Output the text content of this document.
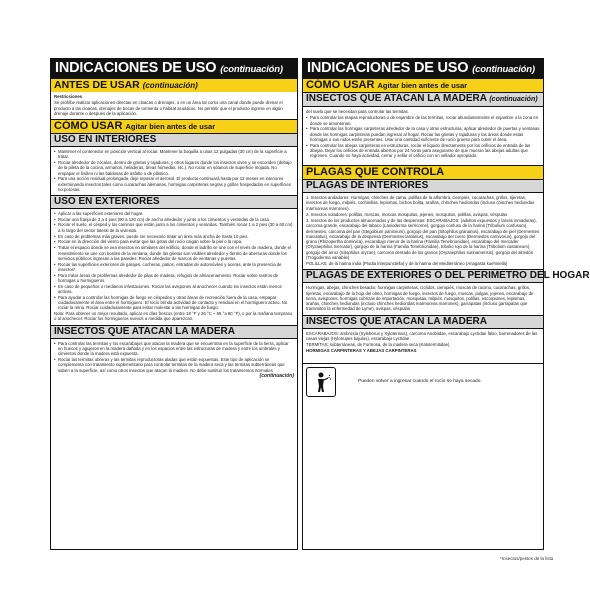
INDICACIONES DE USO (continuación)
ANTES DE USAR (continuación)

Restricciones

Se prohíbe realizar aplicaciones directas en cloacas o drenajes, o en un área tal como una canal donde puede drenar el producto a las cloacas, drenajes de bocas de tormenta o hábitat acuáticos. No permitir que el producto ingrese en algún drenaje durante o después de la aplicación.

CÓMO USAR Agitar bien antes de usar
USO EN INTERIORES
• Mantener el contenedor en posición vertical al rociar. Mantener la boquilla a unas 12 pulgadas (30 cm) de la superficie a tratar.
• Rociar alrededor de zócalos, dentro de grietas y rajaduras, y otros lugares donde los insectos viven y se esconden (debajo de la pileta de la cocina, armarios, heladeras, áreas húmedas, etc.). No rociar en sótanos de superficie mojada. No empapar el linóleo ni las baldosas de asfalto o de plástico.
• Para una acción residual prolongada, deje reposar el aerosol. El producto continuará hasta por 12 meses en interiores exterminando insectos tales como cucarachas alemanas, hormigas carpinteras negras y grillos hospedados en superficies no porosas.
USO EN EXTERIORES
• Aplicar a las superficies exteriores del hogar.
• Rociar una franja de 3 a 4 pies (90 a 120 cm) de ancho alrededor y junto a los cimientos y verandas de la casa.
• Rociar el suelo, el césped y los caminos que están junto a los cimientos y verandas. También rociar 1 a 2 pies (30 a 60 cm) a lo largo del sector lateral de la vivienda.
• En caso de problemas más graves, puede ser necesario tratar un área más ancha de hasta 10 pies.
• Rociar en la dirección del viento para evitar que las gotas del rocío caigan sobre la piel o la ropa.
• Tratar el espacio donde se vea insectos no similares del edificio, donde el ladrillo se une con el revés de madera, donde el revestimiento se une con bordes de la ventana, donde las grietas son visibles alrededor y dentro de aberturas donde los servicios públicos ingresan a las paredes. Rociar alrededor de marcos de ventanas y puertas.
• Rociar las superficies exteriores de garajes, cocheras, patios, entradas de automóviles y aceras, ante la presencia de insectos*.
• Para tratar áreas de problemas alrededor de pilas de madera, refugios de almacenamiento. Rociar sobre rastros de hormigas u hormigueros.
• En caso de pequeños o medianos infestaciones. Rociar las avispones al anochecer cuando los insectos están menos activos.
• Para ayudar a controlar las hormigas de fuego en céspedes y otras áreas de recreación fuera de la casa, empapar cuidadosamente el área entre el hormiguero. El rocío brinda actividad de contacto y residual en el hormiguero activo. No rociar la reina. Rociar cuidadosamente para evitar molestar a las hormigas de fuego.

Nota: Para obtener un mejor resultado, aplicar en días frescos (entre 18 °F y 26 °C ~ 65 °a 80 °F), o por la mañana temprano o al anochecer. Rociar los hormigueros nuevos a medida que aparezcan.

INSECTOS QUE ATACAN LA MADERA
• Para controlar las termitas y los escarabajos que atacan la madera que se encuentran en la superficie de la tierra, aplicar en huecos y agujeros en la madera dañada y en los espacios entre las estructuras de madera y entre los umbrales y cimientos donde la madera está expuesta.
• Rociar las termitas obreras y las termitas reproductoras aladas que están expuestas. Este tipo de aplicación se complementa con tratamiento suplementario para controlar termitas de la madera seca y las termitas subterráneas que saben a la superficie, así como otros insectos que atacan la madera. No debe sustituir los tratamientos normales
(continuación)
INDICACIONES DE USO (continuación)
CÓMO USAR Agitar bien antes de usar
INSECTOS QUE ATACAN LA MADERA (continuación)

del suelo que se necesitan para controlar las termitas.

• Para controlar las etapas reproductoras o de enjambre de las termitas, rociar abundantemente el enjambre o la zona en donde se amontonan.
• Para controlar las hormigas carpinteras alrededor de la casa y otras estructuras, aplicar alrededor de puertas y ventanas donde las hormigas carpinteras puedan ingresar al hogar. Rociar las grietas y rajaduras y las áreas donde estas hormigas o sus nidos estén presentes. Usar una cantidad suficiente de rocío grueso para cubrir el área.
• Para controlar las abejas carpinteras en estructuras, rociar el líquido directamente por los orificios de entrada de las abejas. Dejar los orificios de entrada abiertos por 24 horas para asegurarse de que mueran las abejas adultas que regresen. Cuando no haya actividad, cerrar y sellar el orificio con un sellador apropiado.
PLAGAS QUE CONTROLA
PLAGAS DE INTERIORES

1. Insectos andadores: Hormigas, chinches de cama, polillas de la alfombra, ciempiés, cucarachas, grillos, tijeretas, insectos de fuego, milpiés, cochinillas, lepismas, bichos bolita, arañas, chinches hediondas (incluso chinches hediondas marmoreas marrones).

2. Insectos voladores: polillas, moscas, moscas mosquitas, jejenes, mosquitos, polillas, avispas, véspulas

3. Insectos de los productos almacenados y de las despensas: ESCARABAJOS: (adultos expuestos y larvas inmaduras), carcoma grande, escarabajo del tabaco (Lasioderma serricorne), gorgojo confuso de la harina (Tribolium confusum), dermestes, carcoma del pan (Stegobium paniceum), gorgojo del pan (Sitophilus granarius), escarabajo de piel (Dermestes maculatus), escarabajo de la despensa (Dermestes lardarius), escarabajo del cuero (Dermestes carnivorus), gorgojo del grano (Rhizopertha dominica), escarabajo menor de la harina (Familia Tenebrionidae), escarabajo del mercader (Oryzaephilus mercator), gorgojo de la harina (Familia Tenebrionidae), tribolio rojo de la harina (Tribolium castaneum), gorgojo del arroz (Sitophilus oryzae), carcoma dentada de los granos (Oryzaephilus surinamensis), gorgojo del almidón (Trogoderma variabile)

POLILLAS: de la harina india (Plodia interpunctella) y de la harina del Mediterráneo (Anagasta kuehniella)

PLAGAS DE EXTERIORES O DEL PERIMETRO DEL HOGAR

Hormigas, abejas, chinches besador, hormigas carpinteras, cíclidos, ciempiés, moscas de racimo, cucarachas, grillos, tijeretas, escarabajo de la hoja del olmo, hormigas de fuego, insectos de fuego, moscas, pulgas, jejenes, escarabajo de tierra, avispones, hormigas cobrizas de importación, mosquitas, milpiés, mosquitos, polillas, escorpiones, lepismas, arañas, chinches hediondas (incluso chinches hediondas marmoreas marrones), garrapatas (incluso garrapatas que transmiten la enfermedad de Lyme), avispas, véspulas

INSECTOS QUE ATACAN LA MADERA

ESCARABAJOS: ambrosía (Xyleborus y Xyloterinus), carcoma Anobiidae, escarabajo Lyctidae falso, barrenadores de las casas viejas (Hylotrupes bajulus), escarabajo Lyctidae

TERMITAS: subterráneas, de Formosa, de la madera seca (Kalotermitidae)

HORMIGAS CARPINTERAS Y ABEJAS CARPINTERAS

Pueden volver a ingresar cuando el rocío se haya secado.
*Insectos/pestes de la lista
